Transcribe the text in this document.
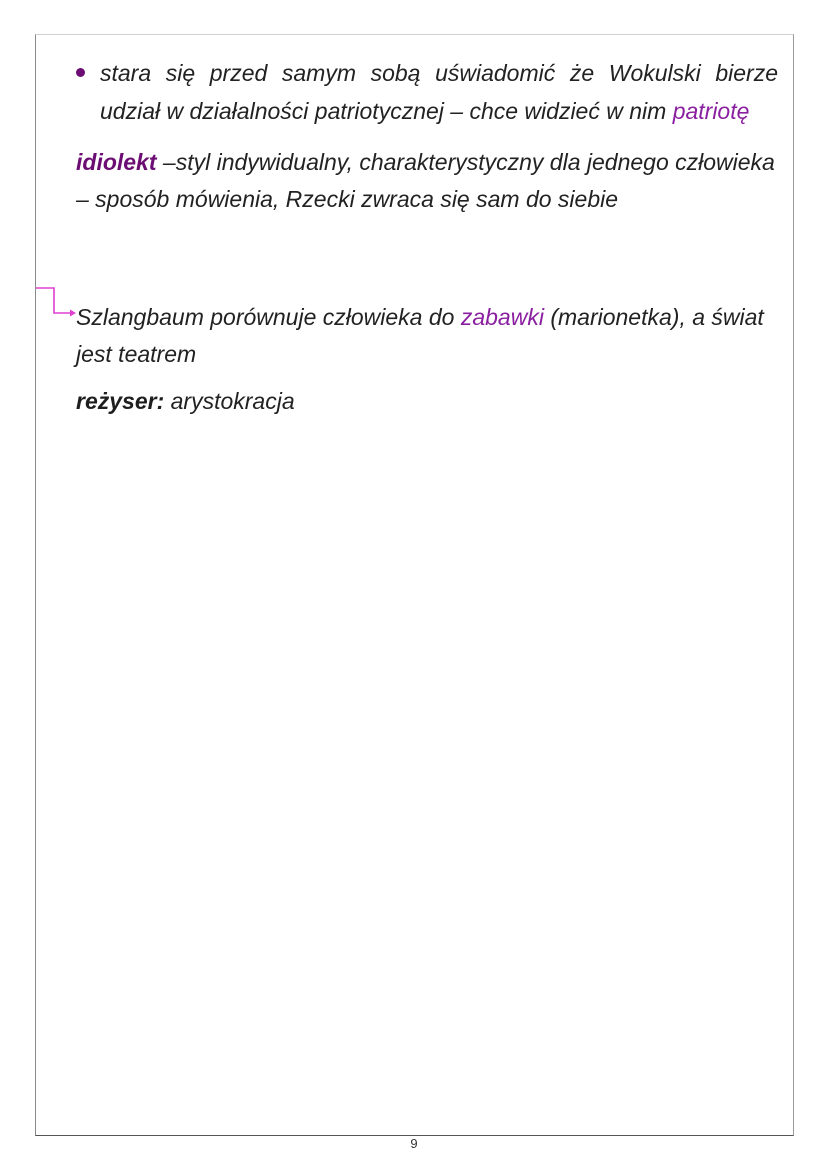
stara się przed samym sobą uświadomić że Wokulski bierze udział w działalności patriotycznej – chce widzieć w nim patriotę

idiolekt –styl indywidualny, charakterystyczny dla jednego człowieka – sposób mówienia, Rzecki zwraca się sam do siebie

Szlangbaum porównuje człowieka do zabawki (marionetka), a świat jest teatrem

reżyser: arystokracja

9
